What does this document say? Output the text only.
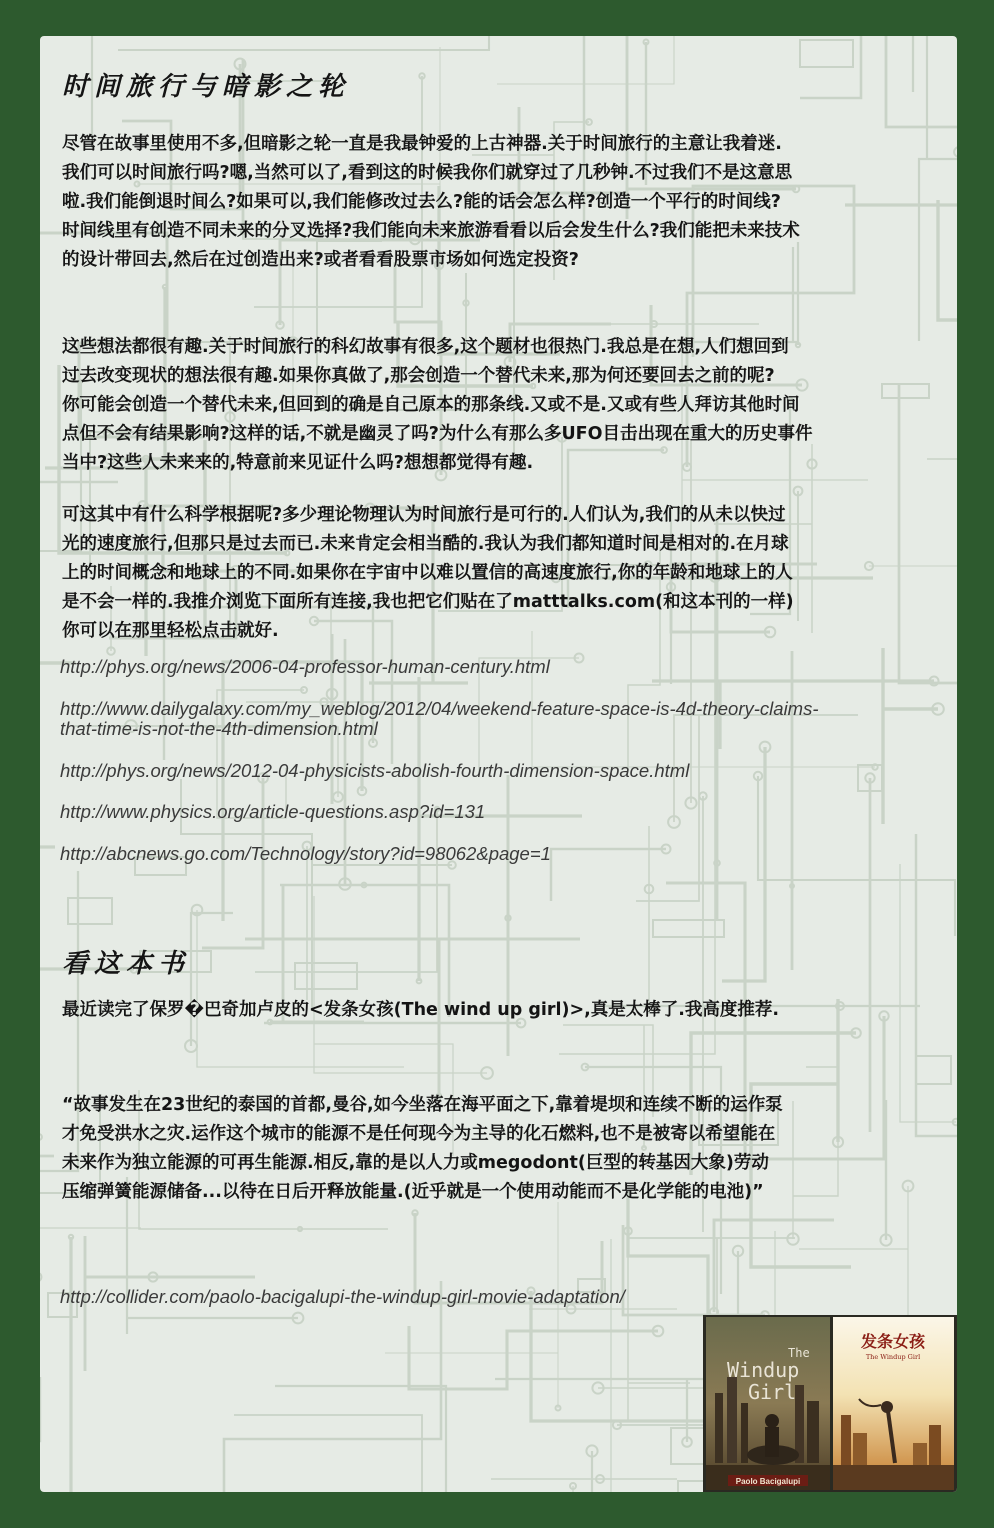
时间旅行与暗影之轮

尽管在故事里使用不多,但暗影之轮一直是我最钟爱的上古神器.关于时间旅行的主意让我着迷.
我们可以时间旅行吗?嗯,当然可以了,看到这的时候我你们就穿过了几秒钟.不过我们不是这意思
啦.我们能倒退时间么?如果可以,我们能修改过去么?能的话会怎么样?创造一个平行的时间线?
时间线里有创造不同未来的分叉选择?我们能向未来旅游看看以后会发生什么?我们能把未来技术
的设计带回去,然后在过创造出来?或者看看股票市场如何选定投资?

这些想法都很有趣.关于时间旅行的科幻故事有很多,这个题材也很热门.我总是在想,人们想回到
过去改变现状的想法很有趣.如果你真做了,那会创造一个替代未来,那为何还要回去之前的呢?
你可能会创造一个替代未来,但回到的确是自己原本的那条线.又或不是.又或有些人拜访其他时间
点但不会有结果影响?这样的话,不就是幽灵了吗?为什么有那么多UFO目击出现在重大的历史事件
当中?这些人未来来的,特意前来见证什么吗?想想都觉得有趣.

可这其中有什么科学根据呢?多少理论物理认为时间旅行是可行的.人们认为,我们的从未以快过
光的速度旅行,但那只是过去而已.未来肯定会相当酷的.我认为我们都知道时间是相对的.在月球
上的时间概念和地球上的不同.如果你在宇宙中以难以置信的高速度旅行,你的年龄和地球上的人
是不会一样的.我推介浏览下面所有连接,我也把它们贴在了matttalks.com(和这本刊的一样)
你可以在那里轻松点击就好.

http://phys.org/news/2006-04-professor-human-century.html
http://www.dailygalaxy.com/my_weblog/2012/04/weekend-feature-space-is-4d-theory-claims-
that-time-is-not-the-4th-dimension.html
http://phys.org/news/2012-04-physicists-abolish-fourth-dimension-space.html
http://www.physics.org/article-questions.asp?id=131
http://abcnews.go.com/Technology/story?id=98062&page=1
看这本书

最近读完了保罗�巴奇加卢皮的<发条女孩(The wind up girl)>,真是太棒了.我高度推荐.

“故事发生在23世纪的泰国的首都,曼谷,如今坐落在海平面之下,靠着堤坝和连续不断的运作泵
才免受洪水之灾.运作这个城市的能源不是任何现今为主导的化石燃料,也不是被寄以希望能在
未来作为独立能源的可再生能源.相反,靠的是以人力或megodont(巨型的转基因大象)劳动
压缩弹簧能源储备...以待在日后开释放能量.(近乎就是一个使用动能而不是化学能的电池)”

http://collider.com/paolo-bacigalupi-the-windup-girl-movie-adaptation/
The
Windup
Girl
Paolo Bacigalupi
发条女孩
The Windup Girl
